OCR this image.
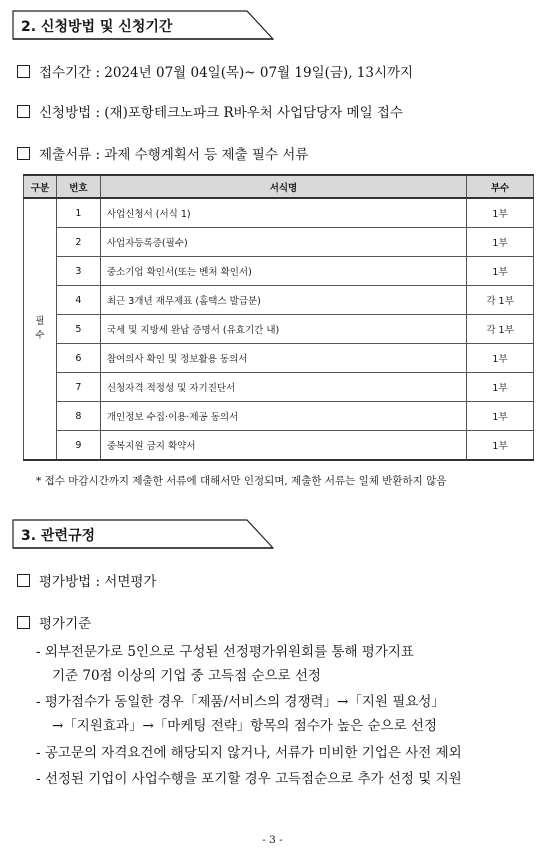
2. 신청방법 및 신청기간
접수기간 : 2024년 07월 04일(목)~ 07월 19일(금), 13시까지
신청방법 : (재)포항테크노파크 R바우처 사업담당자 메일 접수
제출서류 : 과제 수행계획서 등 제출 필수 서류
구분	번호	서식명	부수
필
수	1	사업신청서 (서식 1)	1부
	2	사업자등록증(필수)	1부
	3	중소기업 확인서(또는 벤처 확인서)	1부
	4	최근 3개년 재무제표 (홈택스 발급분)	각 1부
	5	국세 및 지방세 완납 증명서 (유효기간 내)	각 1부
	6	참여의사 확인 및 정보활용 동의서	1부
	7	신청자격 적정성 및 자기진단서	1부
	8	개인정보 수집·이용·제공 동의서	1부
	9	중복지원 금지 확약서	1부
* 접수 마감시간까지 제출한 서류에 대해서만 인정되며, 제출한 서류는 일체 반환하지 않음
3. 관련규정
평가방법 : 서면평가
평가기준
- 외부전문가로 5인으로 구성된 선정평가위원회를 통해 평가지표
기준 70점 이상의 기업 중 고득점 순으로 선정
- 평가점수가 동일한 경우「제품/서비스의 경쟁력」→「지원 필요성」
→「지원효과」→「마케팅 전략」항목의 점수가 높은 순으로 선정
- 공고문의 자격요건에 해당되지 않거나, 서류가 미비한 기업은 사전 제외
- 선정된 기업이 사업수행을 포기할 경우 고득점순으로 추가 선정 및 지원
- 3 -
